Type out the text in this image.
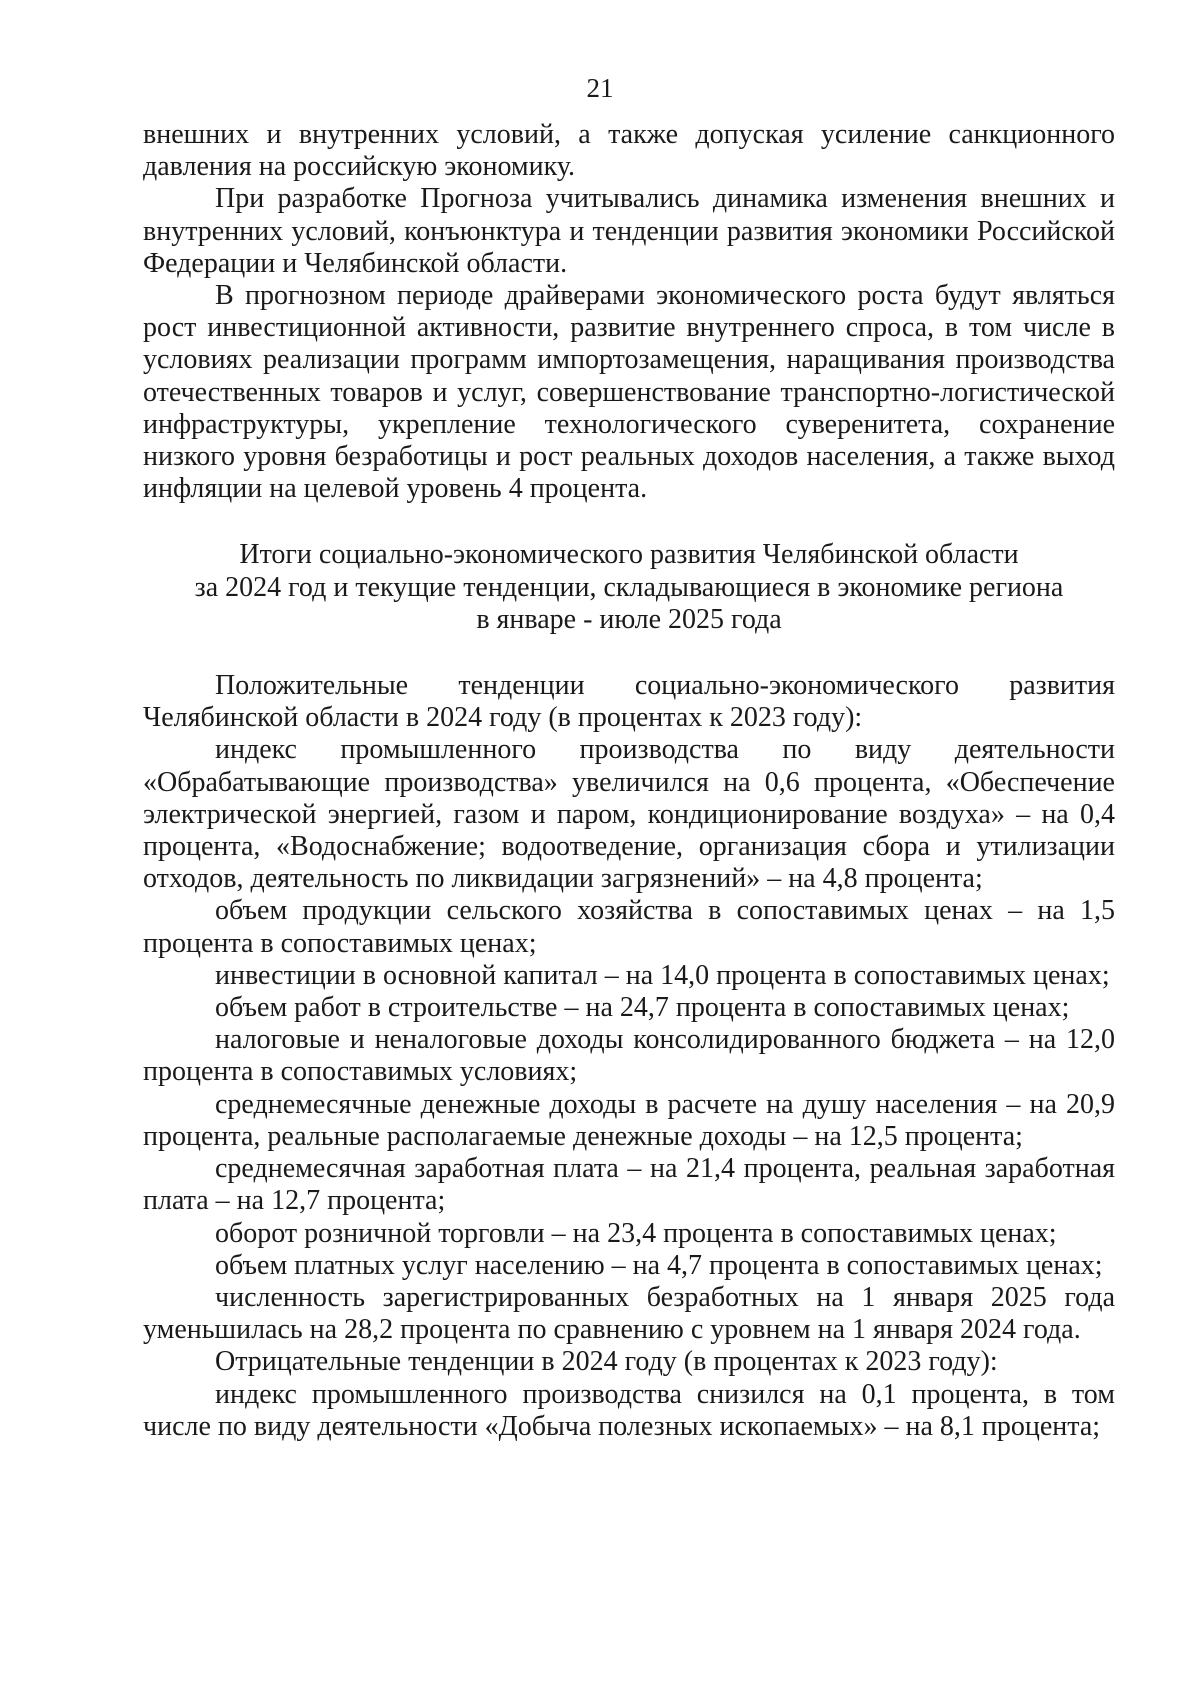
21

внешних и внутренних условий, а также допуская усиление санкционного давления на российскую экономику.

При разработке Прогноза учитывались динамика изменения внешних и внутренних условий, конъюнктура и тенденции развития экономики Российской Федерации и Челябинской области.

В прогнозном периоде драйверами экономического роста будут являться рост инвестиционной активности, развитие внутреннего спроса, в том числе в условиях реализации программ импортозамещения, наращивания производства отечественных товаров и услуг, совершенствование транспортно-логистической инфраструктуры, укрепление технологического суверенитета, сохранение низкого уровня безработицы и рост реальных доходов населения, а также выход инфляции на целевой уровень 4 процента.

Итоги социально-экономического развития Челябинской области
за 2024 год и текущие тенденции, складывающиеся в экономике региона
в январе - июле 2025 года

Положительные тенденции социально-экономического развития Челябинской области в 2024 году (в процентах к 2023 году):

индекс промышленного производства по виду деятельности «Обрабатывающие производства» увеличился на 0,6 процента, «Обеспечение электрической энергией, газом и паром, кондиционирование воздуха» – на 0,4 процента, «Водоснабжение; водоотведение, организация сбора и утилизации отходов, деятельность по ликвидации загрязнений» – на 4,8 процента;

объем продукции сельского хозяйства в сопоставимых ценах – на 1,5 процента в сопоставимых ценах;

инвестиции в основной капитал – на 14,0 процента в сопоставимых ценах;

объем работ в строительстве – на 24,7 процента в сопоставимых ценах;

налоговые и неналоговые доходы консолидированного бюджета – на 12,0 процента в сопоставимых условиях;

среднемесячные денежные доходы в расчете на душу населения – на 20,9 процента, реальные располагаемые денежные доходы – на 12,5 процента;

среднемесячная заработная плата – на 21,4 процента, реальная заработная плата – на 12,7 процента;

оборот розничной торговли – на 23,4 процента в сопоставимых ценах;

объем платных услуг населению – на 4,7 процента в сопоставимых ценах;

численность зарегистрированных безработных на 1 января 2025 года уменьшилась на 28,2 процента по сравнению с уровнем на 1 января 2024 года.

Отрицательные тенденции в 2024 году (в процентах к 2023 году):

индекс промышленного производства снизился на 0,1 процента, в том числе по виду деятельности «Добыча полезных ископаемых» – на 8,1 процента;
